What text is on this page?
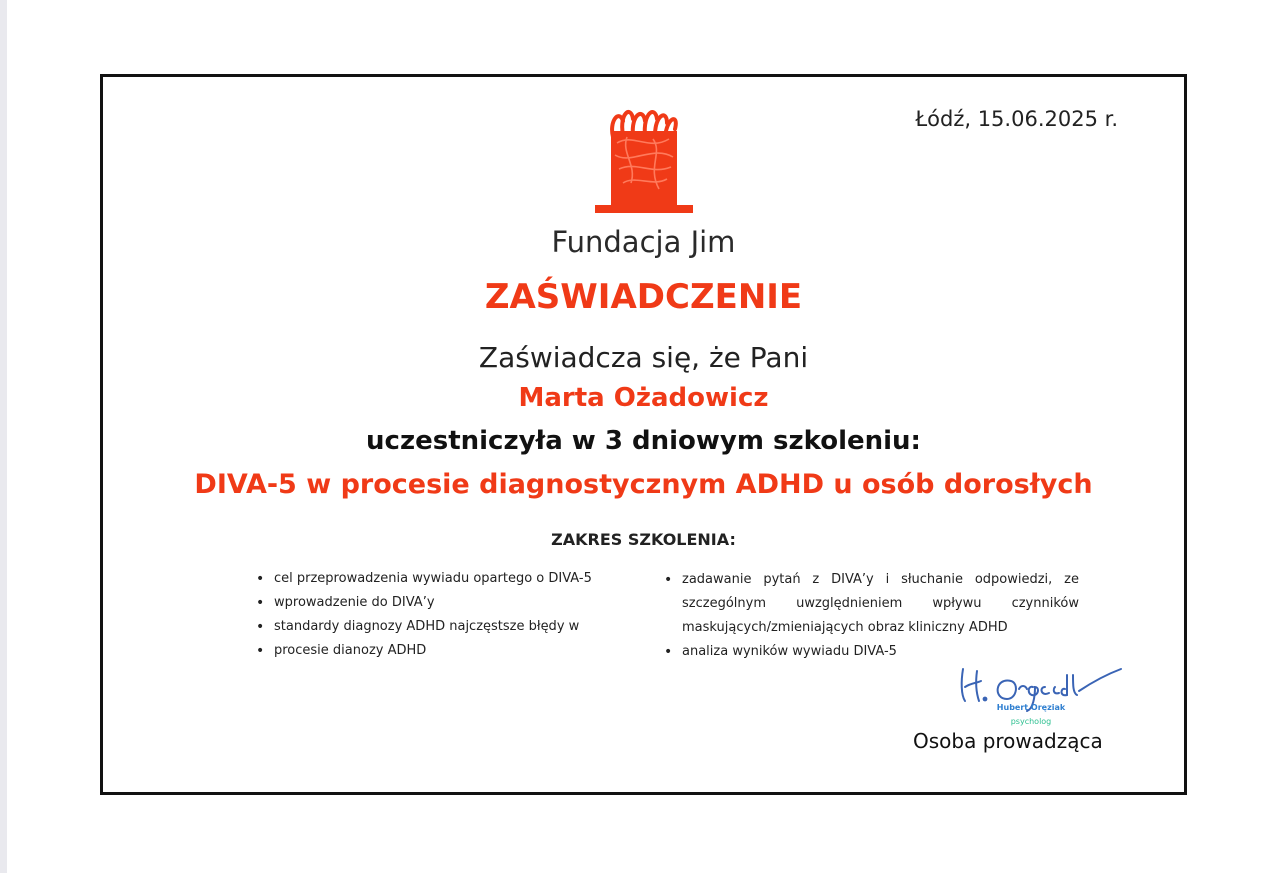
Łódź, 15.06.2025 r.
Fundacja Jim
ZAŚWIADCZENIE
Zaświadcza się, że Pani
Marta Ożadowicz
uczestniczyła w 3 dniowym szkoleniu:
DIVA-5 w procesie diagnostycznym ADHD u osób dorosłych
ZAKRES SZKOLENIA:
• cel przeprowadzenia wywiadu opartego o DIVA-5
• wprowadzenie do DIVA’y
• standardy diagnozy ADHD najczęstsze błędy w
• procesie dianozy ADHD
• zadawanie pytań z DIVA’y i słuchanie odpowiedzi, ze szczególnym uwzględnieniem wpływu czynników maskujących/zmieniających obraz kliniczny ADHD
• analiza wyników wywiadu DIVA-5
Hubert Oręziak
psycholog
Osoba prowadząca
